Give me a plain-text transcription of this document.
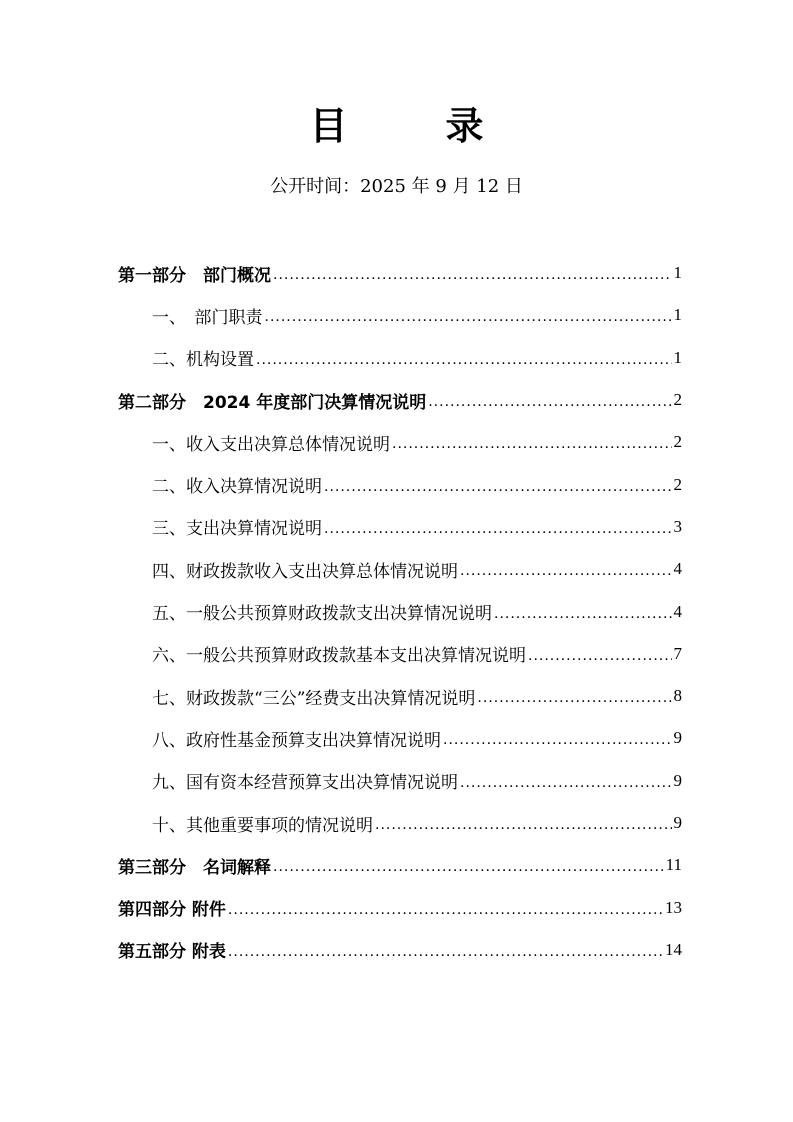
目　录
公开时间：2025 年 9 月 12 日
第一部分　部门概况 .....	1
一、　部门职责 .....	1
二、机构设置 .....	1
第二部分　2024 年度部门决算情况说明 .....	2
一、收入支出决算总体情况说明 .....	2
二、收入决算情况说明 .....	2
三、支出决算情况说明 .....	3
四、财政拨款收入支出决算总体情况说明 .....	4
五、一般公共预算财政拨款支出决算情况说明 .....	4
六、一般公共预算财政拨款基本支出决算情况说明 .....	7
七、财政拨款“三公”经费支出决算情况说明 .....	8
八、政府性基金预算支出决算情况说明 .....	9
九、国有资本经营预算支出决算情况说明 .....	9
十、其他重要事项的情况说明 .....	9
第三部分　名词解释 .....	11
第四部分 附件 .....	13
第五部分 附表 .....	14
